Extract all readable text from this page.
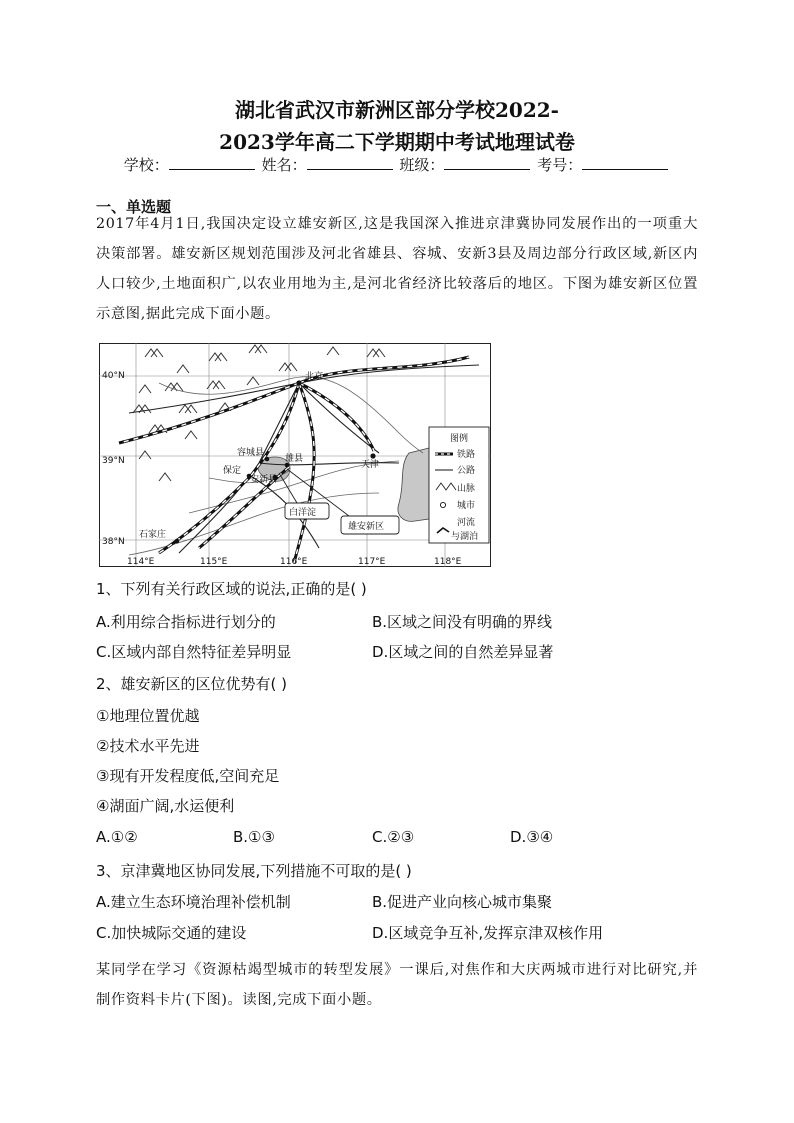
湖北省武汉市新洲区部分学校2022-
2023学年高二下学期期中考试地理试卷
学校：	姓名：	班级：	考号：
一、单选题
2017年4月1日,我国决定设立雄安新区,这是我国深入推进京津冀协同发展作出的一项重大决策部署。雄安新区规划范围涉及河北省雄县、容城、安新3县及周边部分行政区域,新区内人口较少,土地面积广,以农业用地为主,是河北省经济比较落后的地区。下图为雄安新区位置示意图,据此完成下面小题。
40°N
39°N
38°N
114°E	115°E	116°E	117°E	118°E
北京
天津
容城县
雄县
保定
安新县
石家庄
白洋淀
雄安新区
图例
铁路
公路
山脉
城市
河流
与湖泊
1、下列有关行政区域的说法,正确的是( )
A.利用综合指标进行划分的	B.区域之间没有明确的界线
C.区域内部自然特征差异明显	D.区域之间的自然差异显著
2、雄安新区的区位优势有( )
①地理位置优越
②技术水平先进
③现有开发程度低,空间充足
④湖面广阔,水运便利
A.①②	B.①③	C.②③	D.③④
3、京津冀地区协同发展,下列措施不可取的是( )
A.建立生态环境治理补偿机制	B.促进产业向核心城市集聚
C.加快城际交通的建设	D.区域竞争互补,发挥京津双核作用
某同学在学习《资源枯竭型城市的转型发展》一课后,对焦作和大庆两城市进行对比研究,并制作资料卡片(下图)。读图,完成下面小题。
